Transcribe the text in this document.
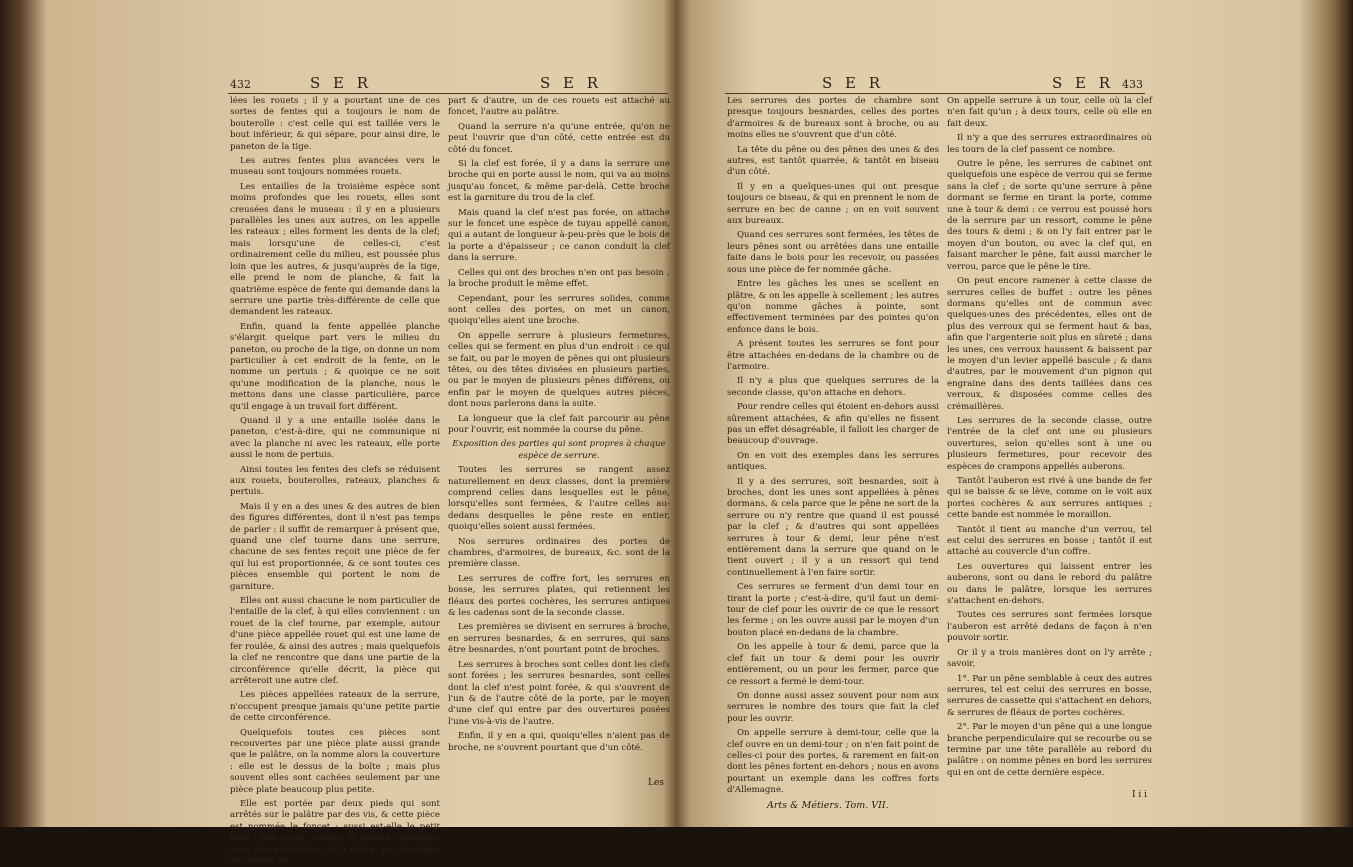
432	S E R	S E R

lées les rouets ; il y a pourtant une de ces sortes de fentes qui a toujours le nom de bouterolle : c'est celle qui est taillée vers le bout inférieur, & qui sépare, pour ainsi dire, le paneton de la tige.

Les autres fentes plus avancées vers le museau sont toujours nommées rouets.

Les entailles de la troisième espèce sont moins profondes que les rouets, elles sont creusées dans le museau : il y en a plusieurs parallèles les unes aux autres, on les appelle les rateaux ; elles forment les dents de la clef; mais lorsqu'une de celles-ci, c'est ordinairement celle du milieu, est poussée plus loin que les autres, & jusqu'auprès de la tige, elle prend le nom de planche, & fait la quatrième espèce de fente qui demande dans la serrure une partie très-différente de celle que demandent les rateaux.

Enfin, quand la fente appellée planche s'élargit quelque part vers le milieu du paneton, ou proche de la tige, on donne un nom particulier à cet endroit de la fente, on le nomme un pertuis ; & quoique ce ne soit qu'une modification de la planche, nous le mettons dans une classe particulière, parce qu'il engage à un travail fort différent.

Quand il y a une entaille isolée dans le paneton, c'est-à-dire, qui ne communique ni avec la planche ni avec les rateaux, elle porte aussi le nom de pertuis.

Ainsi toutes les fentes des clefs se réduisent aux rouets, bouterolles, rateaux, planches & pertuis.

Mais il y en a des unes & des autres de bien des figures différentes, dont il n'est pas temps de parler : il suffit de remarquer à présent que, quand une clef tourne dans une serrure, chacune de ses fentes reçoit une pièce de fer qui lui est proportionnée, & ce sont toutes ces pièces ensemble qui portent le nom de garniture.

Elles ont aussi chacune le nom particulier de l'entaille de la clef, à qui elles conviennent : un rouet de la clef tourne, par exemple, autour d'une pièce appellée rouet qui est une lame de fer roulée, & ainsi des autres ; mais quelquefois la clef ne rencontre que dans une partie de la circonférence qu'elle décrit, la pièce qui arrêteroit une autre clef.

Les pièces appellées rateaux de la serrure, n'occupent presque jamais qu'une petite partie de cette circonférence.

Quelquefois toutes ces pièces sont recouvertes par une pièce plate aussi grande que le palâtre, on la nomme alors la couverture : elle est le dessus de la boîte ; mais plus souvent elles sont cachées seulement par une pièce plate beaucoup plus petite.

Elle est portée par deux pieds qui sont arrêtés sur le palâtre par des vis, & cette pièce est nommée le foncet : aussi est-elle le petit fond ; elle porte, comme le palâtre, quelques-unes des garnitures. Si la clef a, par exemple, des rouets de

part & d'autre, un de ces rouets est attaché au foncet, l'autre au palâtre.

Quand la serrure n'a qu'une entrée, qu'on ne peut l'ouvrir que d'un côté, cette entrée est du côté du foncet.

Si la clef est forée, il y a dans la serrure une broche qui en porte aussi le nom, qui va au moins jusqu'au foncet, & même par-delà. Cette broche est la garniture du trou de la clef.

Mais quand la clef n'est pas forée, on attache sur le foncet une espèce de tuyau appellé canon, qui a autant de longueur à-peu-près que le bois de la porte a d'épaisseur ; ce canon conduit la clef dans la serrure.

Celles qui ont des broches n'en ont pas besoin ; la broche produit le même effet.

Cependant, pour les serrures solides, comme sont celles des portes, on met un canon, quoiqu'elles aient une broche.

On appelle serrure à plusieurs fermetures, celles qui se ferment en plus d'un endroit : ce qui se fait, ou par le moyen de pênes qui ont plusieurs têtes, ou des têtes divisées en plusieurs parties, ou par le moyen de plusieurs pênes différens, ou enfin par le moyen de quelques autres pièces, dont nous parlerons dans la suite.

La longueur que la clef fait parcourir au pêne pour l'ouvrir, est nommée la course du pêne.

Exposition des parties qui sont propres à chaque espèce de serrure.

Toutes les serrures se rangent assez naturellement en deux classes, dont la première comprend celles dans lesquelles est le pêne, lorsqu'elles sont fermées, & l'autre celles au-dedans desquelles le pêne reste en entier, quoiqu'elles soient aussi fermées.

Nos serrures ordinaires des portes de chambres, d'armoires, de bureaux, &c. sont de la première classe.

Les serrures de coffre fort, les serrures en bosse, les serrures plates, qui retiennent les fléaux des portes cochères, les serrures antiques & les cadenas sont de la seconde classe.

Les premières se divisent en serrures à broche, en serrures besnardes, & en serrures, qui sans être besnardes, n'ont pourtant point de broches.

Les serrures à broches sont celles dont les clefs sont forées ; les serrures besnardes, sont celles dont la clef n'est point forée, & qui s'ouvrent de l'un & de l'autre côté de la porte, par le moyen d'une clef qui entre par des ouvertures posées l'une vis-à-vis de l'autre.

Enfin, il y en a qui, quoiqu'elles n'aient pas de broche, ne s'ouvrent pourtant que d'un côté.

Les
S E R	S E R 433

Les serrures des portes de chambre sont presque toujours besnardes, celles des portes d'armoires & de bureaux sont à broche, ou au moins elles ne s'ouvrent que d'un côté.

La tête du pêne ou des pênes des unes & des autres, est tantôt quarrée, & tantôt en biseau d'un côté.

Il y en a quelques-unes qui ont presque toujours ce biseau, & qui en prennent le nom de serrure en bec de canne ; on en voit souvent aux bureaux.

Quand ces serrures sont fermées, les têtes de leurs pênes sont ou arrêtées dans une entaille faite dans le bois pour les recevoir, ou passées sous une pièce de fer nommée gâche.

Entre les gâches les unes se scellent en plâtre, & on les appelle à scellement ; les autres qu'on nomme gâches à pointe, sont effectivement terminées par des pointes qu'on enfonce dans le bois.

A présent toutes les serrures se font pour être attachées en-dedans de la chambre ou de l'armoire.

Il n'y a plus que quelques serrures de la seconde classe, qu'on attache en dehors.

Pour rendre celles qui étoient en-dehors aussi sûrement attachées, & afin qu'elles ne fissent pas un effet désagréable, il falloit les charger de beaucoup d'ouvrage.

On en voit des exemples dans les serrures antiques.

Il y a des serrures, soit besnardes, soit à broches, dont les unes sont appellées à pênes dormans, & cela parce que le pêne ne sort de la serrure ou n'y rentre que quand il est poussé par la clef ; & d'autres qui sont appellées serrures à tour & demi, leur pêne n'est entièrement dans la serrure que quand on le tient ouvert ; il y a un ressort qui tend continuellement à l'en faire sortir.

Ces serrures se ferment d'un demi tour en tirant la porte ; c'est-à-dire, qu'il faut un demi-tour de clef pour les ouvrir de ce que le ressort les ferme ; on les ouvre aussi par le moyen d'un bouton placé en-dedans de la chambre.

On les appelle à tour & demi, parce que la clef fait un tour & demi pour les ouvrir entièrement, ou un pour les fermer, parce que ce ressort a fermé le demi-tour.

On donne aussi assez souvent pour nom aux serrures le nombre des tours que fait la clef pour les ouvrir.

On appelle serrure à demi-tour, celle que la clef ouvre en un demi-tour ; on n'en fait point de celles-ci pour des portes, & rarement en fait-on dont les pênes fortent en-dehors ; nous en avons pourtant un exemple dans les coffres forts d'Allemagne.

Arts & Métiers. Tom. VII.

On appelle serrure à un tour, celle où la clef n'en fait qu'un ; à deux tours, celle où elle en fait deux.

Il n'y a que des serrures extraordinaires où les tours de la clef passent ce nombre.

Outre le pêne, les serrures de cabinet ont quelquefois une espèce de verrou qui se ferme sans la clef ; de sorte qu'une serrure à pêne dormant se ferme en tirant la porte, comme une à tour & demi : ce verrou est poussé hors de la serrure par un ressort, comme le pêne des tours & demi ; & on l'y fait entrer par le moyen d'un bouton, ou avec la clef qui, en faisant marcher le pêne, fait aussi marcher le verrou, parce que le pêne le tire.

On peut encore ramener à cette classe de serrures celles de buffet : outre les pênes dormans qu'elles ont de commun avec quelques-unes des précédentes, elles ont de plus des verroux qui se ferment haut & bas, afin que l'argenterie soit plus en sûreté ; dans les unes, ces verroux haussent & baissent par le moyen d'un levier appellé bascule ; & dans d'autres, par le mouvement d'un pignon qui engraine dans des dents taillées dans ces verroux, & disposées comme celles des crémaillères.

Les serrures de la seconde classe, outre l'entrée de la clef ont une ou plusieurs ouvertures, selon qu'elles sont à une ou plusieurs fermetures, pour recevoir des espèces de crampons appellés auberons.

Tantôt l'auberon est rivé à une bande de fer qui se baisse & se lève, comme on le voit aux portes cochères & aux serrures antiques ; cette bande est nommée le moraillon.

Tantôt il tient au manche d'un verrou, tel est celui des serrures en bosse ; tantôt il est attaché au couvercle d'un coffre.

Les ouvertures qui laissent entrer les auberons, sont ou dans le rebord du palâtre ou dans le palâtre, lorsque les serrures s'attachent en-dehors.

Toutes ces serrures sont fermées lorsque l'auberon est arrêté dedans de façon à n'en pouvoir sortir.

Or il y a trois manières dont on l'y arrête ; savoir,

1°. Par un pêne semblable à ceux des autres serrures, tel est celui des serrures en bosse, serrures de cassette qui s'attachent en dehors, & serrures de fléaux de portes cochères.

2°. Par le moyen d'un pêne qui a une longue branche perpendiculaire qui se recourbe ou se termine par une tête parallèle au rebord du palâtre : on nomme pênes en bord les serrures qui en ont de cette dernière espèce.

I i i
